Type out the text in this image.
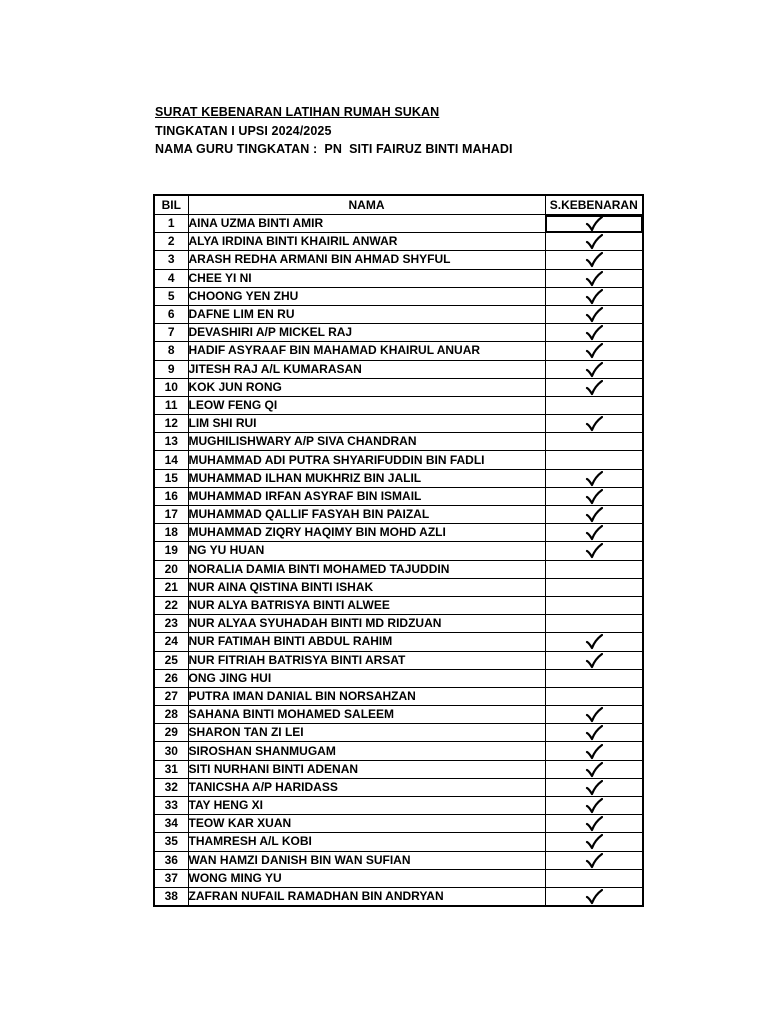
SURAT KEBENARAN LATIHAN RUMAH SUKAN
TINGKATAN I UPSI 2024/2025
NAMA GURU TINGKATAN :  PN  SITI FAIRUZ BINTI MAHADI
BIL	NAMA	S.KEBENARAN
1	AINA UZMA BINTI AMIR	
2	ALYA IRDINA BINTI KHAIRIL ANWAR	
3	ARASH REDHA ARMANI BIN AHMAD SHYFUL	
4	CHEE YI NI	
5	CHOONG YEN ZHU	
6	DAFNE LIM EN RU	
7	DEVASHIRI A/P MICKEL RAJ	
8	HADIF ASYRAAF BIN MAHAMAD KHAIRUL ANUAR	
9	JITESH RAJ A/L KUMARASAN	
10	KOK JUN RONG	
11	LEOW FENG QI	
12	LIM SHI RUI	
13	MUGHILISHWARY A/P SIVA CHANDRAN	
14	MUHAMMAD ADI PUTRA SHYARIFUDDIN BIN FADLI	
15	MUHAMMAD ILHAN MUKHRIZ BIN JALIL	
16	MUHAMMAD IRFAN ASYRAF BIN ISMAIL	
17	MUHAMMAD QALLIF FASYAH BIN PAIZAL	
18	MUHAMMAD ZIQRY HAQIMY BIN MOHD AZLI	
19	NG YU HUAN	
20	NORALIA DAMIA BINTI MOHAMED TAJUDDIN	
21	NUR AINA QISTINA BINTI ISHAK	
22	NUR ALYA BATRISYA BINTI ALWEE	
23	NUR ALYAA SYUHADAH BINTI MD RIDZUAN	
24	NUR FATIMAH BINTI ABDUL RAHIM	
25	NUR FITRIAH BATRISYA BINTI ARSAT	
26	ONG JING HUI	
27	PUTRA IMAN DANIAL BIN NORSAHZAN	
28	SAHANA BINTI MOHAMED SALEEM	
29	SHARON TAN ZI LEI	
30	SIROSHAN SHANMUGAM	
31	SITI NURHANI BINTI ADENAN	
32	TANICSHA A/P HARIDASS	
33	TAY HENG XI	
34	TEOW KAR XUAN	
35	THAMRESH A/L KOBI	
36	WAN HAMZI DANISH BIN WAN SUFIAN	
37	WONG MING YU	
38	ZAFRAN NUFAIL RAMADHAN BIN ANDRYAN	
